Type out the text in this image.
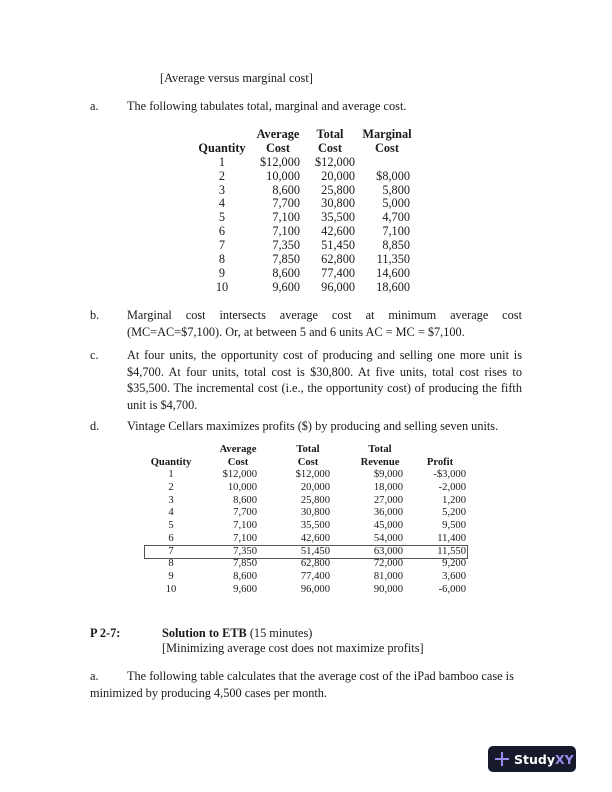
[Average versus marginal cost]
a. The following tabulates total, marginal and average cost.
Average	Total	Marginal
Quantity	Cost	Cost	Cost
1	$12,000	$12,000
2	10,000	20,000	$8,000
3	8,600	25,800	5,800
4	7,700	30,800	5,000
5	7,100	35,500	4,700
6	7,100	42,600	7,100
7	7,350	51,450	8,850
8	7,850	62,800	11,350
9	8,600	77,400	14,600
10	9,600	96,000	18,600
b. Marginal cost intersects average cost at minimum average cost (MC=AC=$7,100). Or, at between 5 and 6 units AC = MC = $7,100.
c. At four units, the opportunity cost of producing and selling one more unit is $4,700. At four units, total cost is $30,800. At five units, total cost rises to $35,500. The incremental cost (i.e., the opportunity cost) of producing the fifth unit is $4,700.
d. Vintage Cellars maximizes profits ($) by producing and selling seven units.
Average	Total	Total
Quantity	Cost	Cost	Revenue	Profit
1	$12,000	$12,000	$9,000	-$3,000
2	10,000	20,000	18,000	-2,000
3	8,600	25,800	27,000	1,200
4	7,700	30,800	36,000	5,200
5	7,100	35,500	45,000	9,500
6	7,100	42,600	54,000	11,400
7	7,350	51,450	63,000	11,550
8	7,850	62,800	72,000	9,200
9	8,600	77,400	81,000	3,600
10	9,600	96,000	90,000	-6,000
P 2-7:	Solution to ETB (15 minutes)
[Minimizing average cost does not maximize profits]
a. The following table calculates that the average cost of the iPad bamboo case is
minimized by producing 4,500 cases per month.
Study XY
